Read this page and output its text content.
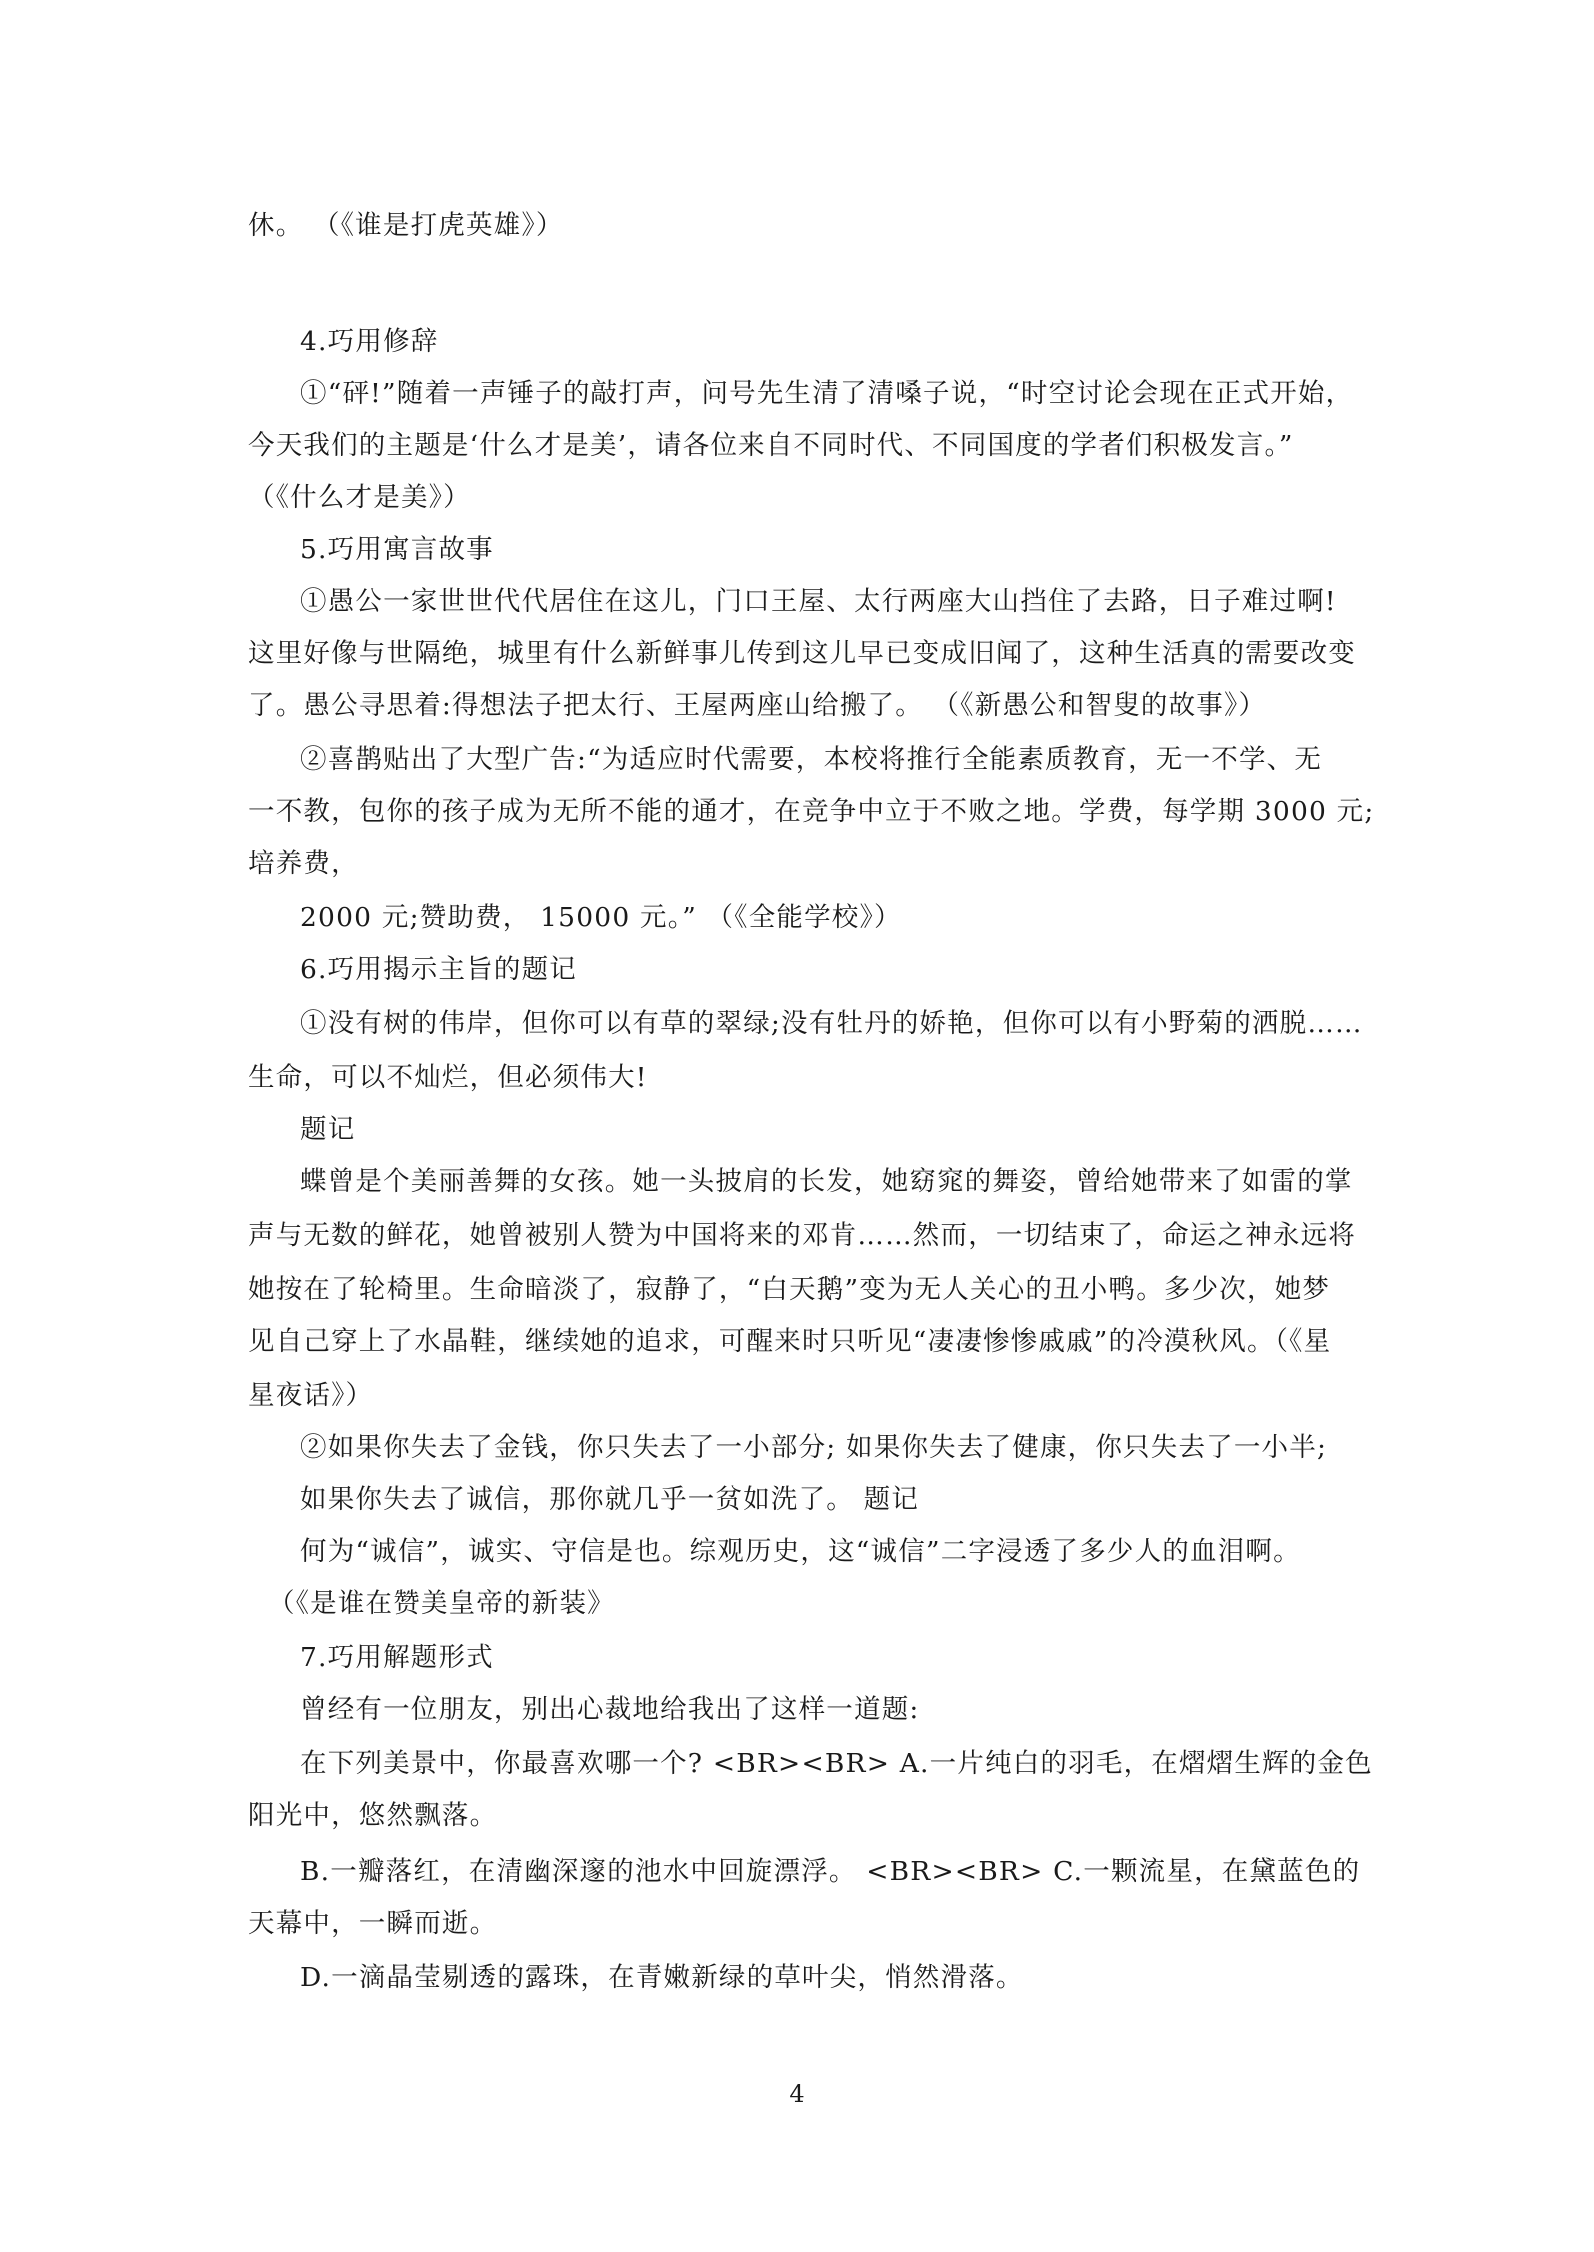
休。 （《谁是打虎英雄》）
4.巧用修辞
①“砰!”随着一声锤子的敲打声，问号先生清了清嗓子说，“时空讨论会现在正式开始，
今天我们的主题是‘什么才是美’，请各位来自不同时代、不同国度的学者们积极发言。”
（《什么才是美》）
5.巧用寓言故事
①愚公一家世世代代居住在这儿，门口王屋、太行两座大山挡住了去路，日子难过啊!
这里好像与世隔绝，城里有什么新鲜事儿传到这儿早已变成旧闻了，这种生活真的需要改变
了。愚公寻思着:得想法子把太行、王屋两座山给搬了。 （《新愚公和智叟的故事》）
②喜鹊贴出了大型广告:“为适应时代需要，本校将推行全能素质教育，无一不学、无
一不教，包你的孩子成为无所不能的通才，在竞争中立于不败之地。学费，每学期 3000 元;
培养费，
2000 元;赞助费， 15000 元。” （《全能学校》）
6.巧用揭示主旨的题记
①没有树的伟岸，但你可以有草的翠绿;没有牡丹的娇艳，但你可以有小野菊的洒脱……
生命，可以不灿烂，但必须伟大!
题记
蝶曾是个美丽善舞的女孩。她一头披肩的长发，她窈窕的舞姿，曾给她带来了如雷的掌
声与无数的鲜花，她曾被别人赞为中国将来的邓肯……然而，一切结束了，命运之神永远将
她按在了轮椅里。生命暗淡了，寂静了，“白天鹅”变为无人关心的丑小鸭。多少次，她梦
见自己穿上了水晶鞋，继续她的追求，可醒来时只听见“凄凄惨惨戚戚”的冷漠秋风。（《星
星夜话》）
②如果你失去了金钱，你只失去了一小部分; 如果你失去了健康，你只失去了一小半;
如果你失去了诚信，那你就几乎一贫如洗了。 题记
何为“诚信”，诚实、守信是也。综观历史，这“诚信”二字浸透了多少人的血泪啊。
（《是谁在赞美皇帝的新装》
7.巧用解题形式
曾经有一位朋友，别出心裁地给我出了这样一道题:
在下列美景中，你最喜欢哪一个? <BR><BR> A.一片纯白的羽毛，在熠熠生辉的金色
阳光中，悠然飘落。
B.一瓣落红，在清幽深邃的池水中回旋漂浮。 <BR><BR> C.一颗流星，在黛蓝色的
天幕中，一瞬而逝。
D.一滴晶莹剔透的露珠，在青嫩新绿的草叶尖，悄然滑落。
4
